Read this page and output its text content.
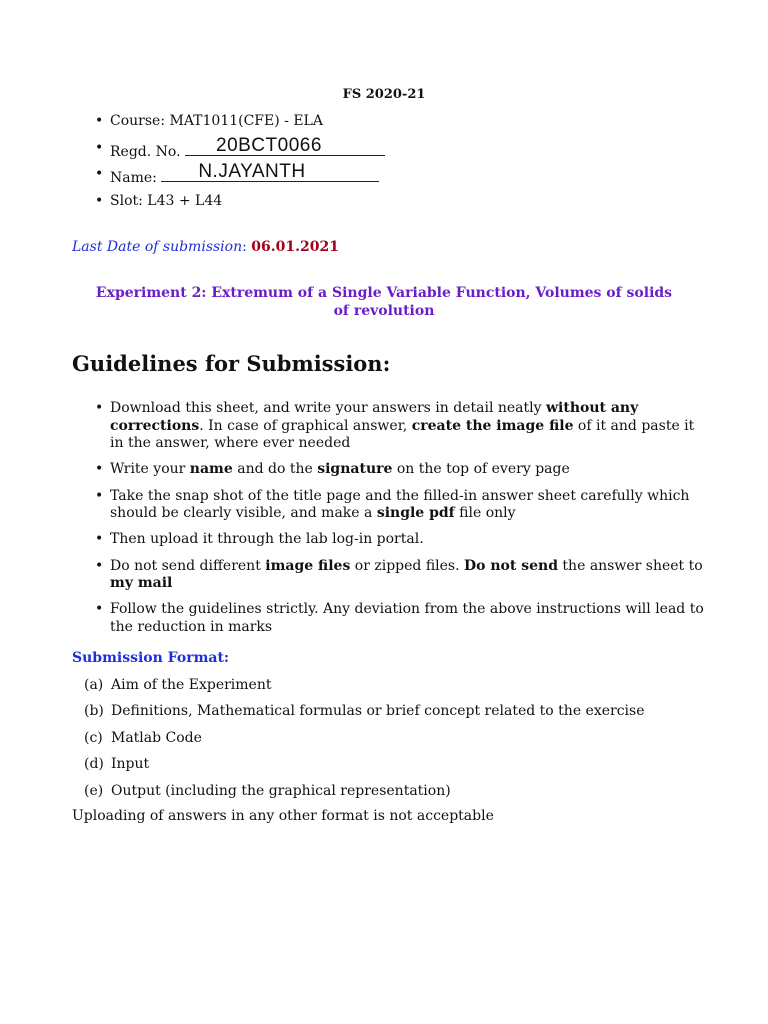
FS 2020-21
• Course: MAT1011(CFE) - ELA
• Regd. No. 20BCT0066
• Name: N.JAYANTH
• Slot: L43 + L44
Last Date of submission: 06.01.2021
Experiment 2: Extremum of a Single Variable Function, Volumes of solids of revolution
Guidelines for Submission:
• Download this sheet, and write your answers in detail neatly without any corrections. In case of graphical answer, create the image file of it and paste it in the answer, where ever needed
• Write your name and do the signature on the top of every page
• Take the snap shot of the title page and the filled-in answer sheet carefully which should be clearly visible, and make a single pdf file only
• Then upload it through the lab log-in portal.
• Do not send different image files or zipped files. Do not send the answer sheet to my mail
• Follow the guidelines strictly. Any deviation from the above instructions will lead to the reduction in marks
Submission Format:
(a) Aim of the Experiment
(b) Definitions, Mathematical formulas or brief concept related to the exercise
(c) Matlab Code
(d) Input
(e) Output (including the graphical representation)
Uploading of answers in any other format is not acceptable
